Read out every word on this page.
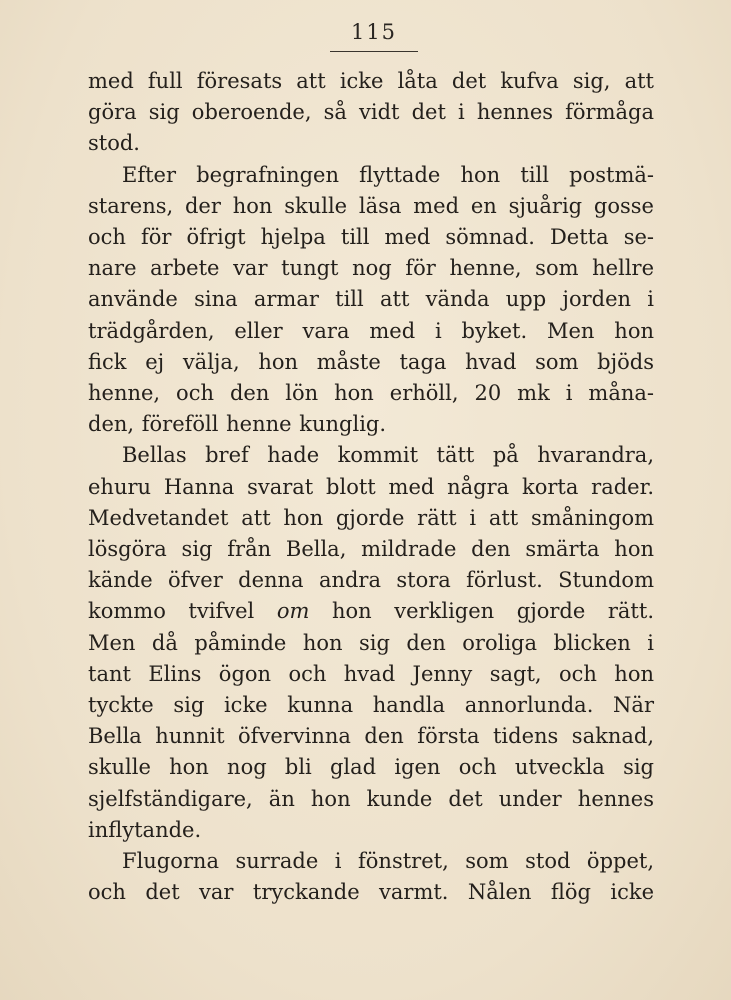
115
med full föresats att icke låta det kufva sig, att
göra sig oberoende, så vidt det i hennes förmåga
stod.
Efter begrafningen flyttade hon till postmä-
starens, der hon skulle läsa med en sjuårig gosse
och för öfrigt hjelpa till med sömnad. Detta se-
nare arbete var tungt nog för henne, som hellre
använde sina armar till att vända upp jorden i
trädgården, eller vara med i byket. Men hon
fick ej välja, hon måste taga hvad som bjöds
henne, och den lön hon erhöll, 20 mk i måna-
den, föreföll henne kunglig.
Bellas bref hade kommit tätt på hvarandra,
ehuru Hanna svarat blott med några korta rader.
Medvetandet att hon gjorde rätt i att småningom
lösgöra sig från Bella, mildrade den smärta hon
kände öfver denna andra stora förlust. Stundom
kommo tvifvel om hon verkligen gjorde rätt.
Men då påminde hon sig den oroliga blicken i
tant Elins ögon och hvad Jenny sagt, och hon
tyckte sig icke kunna handla annorlunda. När
Bella hunnit öfvervinna den första tidens saknad,
skulle hon nog bli glad igen och utveckla sig
sjelfständigare, än hon kunde det under hennes
inflytande.
Flugorna surrade i fönstret, som stod öppet,
och det var tryckande varmt. Nålen flög icke
